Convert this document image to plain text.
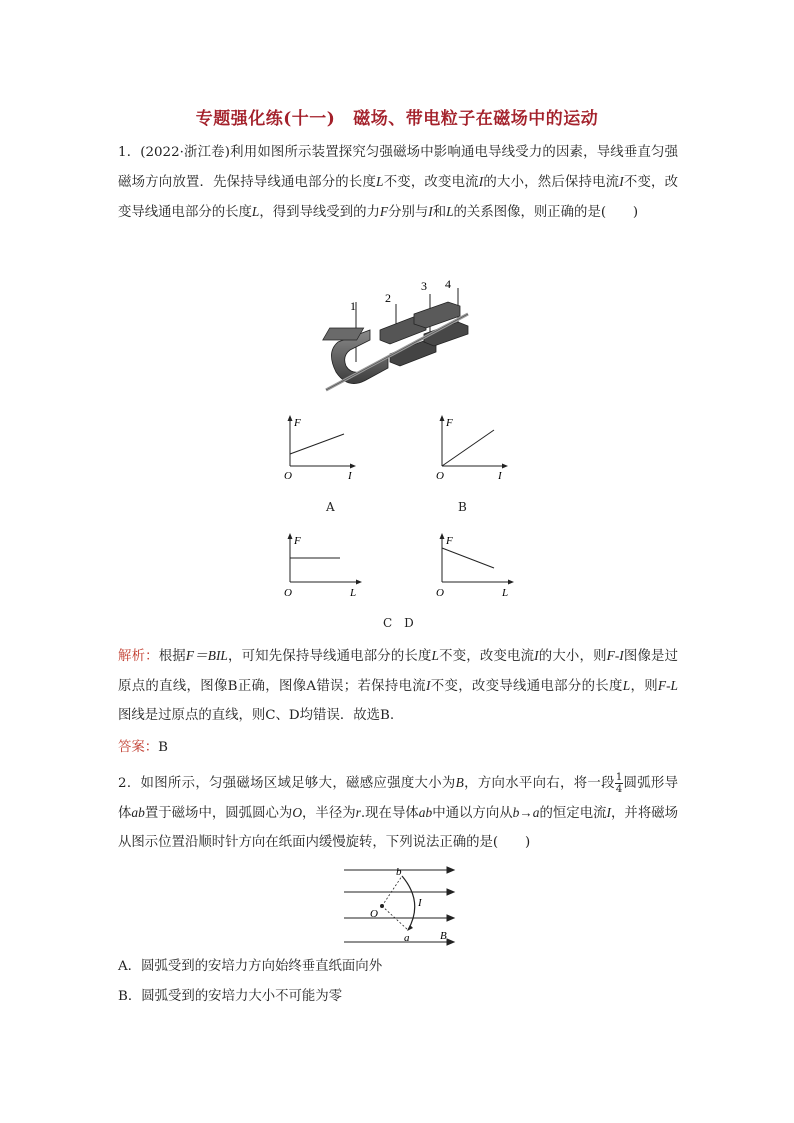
专题强化练(十一) 磁场、带电粒子在磁场中的运动
1．(2022·浙江卷)利用如图所示装置探究匀强磁场中影响通电导线受力的因素，导线垂直匀强磁场方向放置．先保持导线通电部分的长度L不变，改变电流I的大小，然后保持电流I不变，改变导线通电部分的长度L，得到导线受到的力F分别与I和L的关系图像，则正确的是(　　)
1
2
3 4
F
O	I
A
F
O	I
B
F
O	L
F
O	L
C　D
解析：根据F＝BIL，可知先保持导线通电部分的长度L不变，改变电流I的大小，则F-I图像是过原点的直线，图像B正确，图像A错误；若保持电流I不变，改变导线通电部分的长度L，则F-L图线是过原点的直线，则C、D均错误．故选B.
答案：B
2．如图所示，匀强磁场区域足够大，磁感应强度大小为B，方向水平向右，将一段 $\frac{1}{4}$ 圆弧形导体ab置于磁场中，圆弧圆心为O，半径为r.现在导体ab中通以方向从b→a的恒定电流I，并将磁场从图示位置沿顺时针方向在纸面内缓慢旋转，下列说法正确的是(　　)
b
O
I
a	B
A．圆弧受到的安培力方向始终垂直纸面向外
B．圆弧受到的安培力大小不可能为零
